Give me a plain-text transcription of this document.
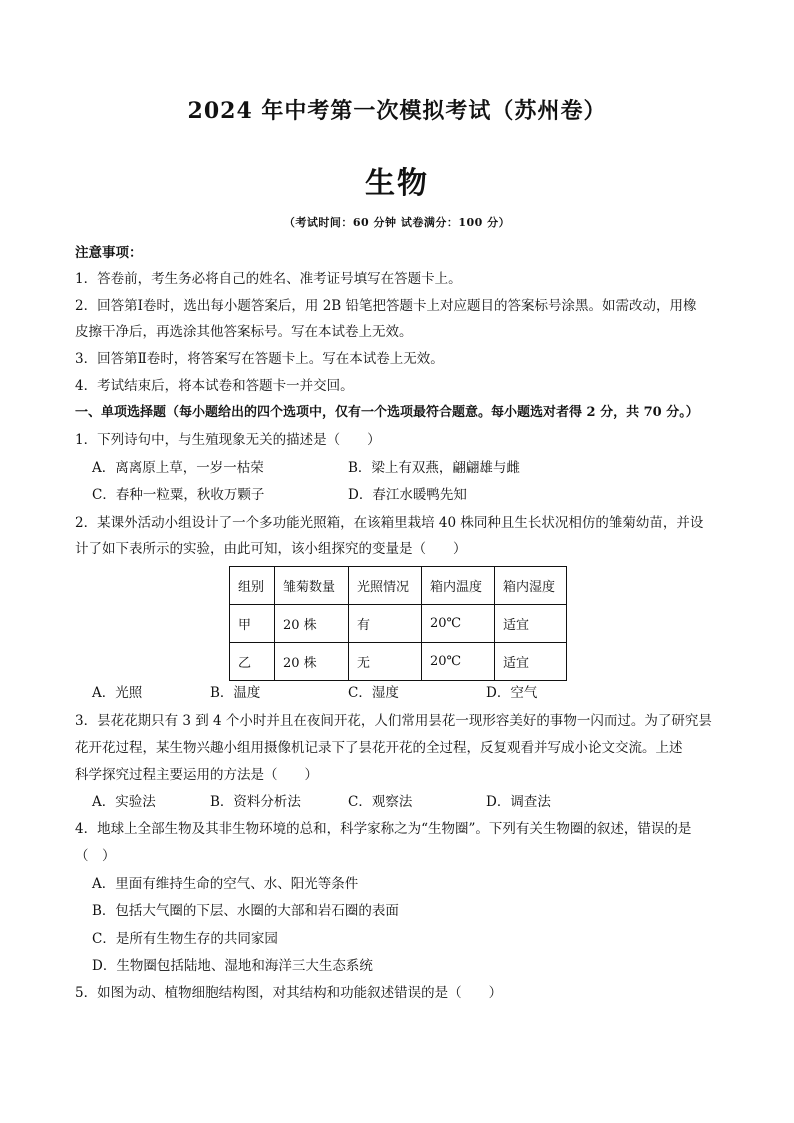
2024 年中考第一次模拟考试（苏州卷）
生物
（考试时间：60 分钟 试卷满分：100 分）
注意事项：
1．答卷前，考生务必将自己的姓名、准考证号填写在答题卡上。
2．回答第Ⅰ卷时，选出每小题答案后，用 2B 铅笔把答题卡上对应题目的答案标号涂黑。如需改动，用橡
皮擦干净后，再选涂其他答案标号。写在本试卷上无效。
3．回答第Ⅱ卷时，将答案写在答题卡上。写在本试卷上无效。
4．考试结束后，将本试卷和答题卡一并交回。
一、单项选择题（每小题给出的四个选项中，仅有一个选项最符合题意。每小题选对者得 2 分，共 70 分。）
1．下列诗句中，与生殖现象无关的描述是（　　）
A．离离原上草，一岁一枯荣	B．梁上有双燕，翩翩雄与雌
C．春种一粒粟，秋收万颗子	D．春江水暖鸭先知
2．某课外活动小组设计了一个多功能光照箱，在该箱里栽培 40 株同种且生长状况相仿的雏菊幼苗，并设
计了如下表所示的实验，由此可知，该小组探究的变量是（　　）
组别	雏菊数量	光照情况	箱内温度	箱内湿度
甲	20 株	有	20℃	适宜
乙	20 株	无	20℃	适宜
A．光照	B．温度	C．湿度	D．空气
3．昙花花期只有 3 到 4 个小时并且在夜间开花，人们常用昙花一现形容美好的事物一闪而过。为了研究昙
花开花过程，某生物兴趣小组用摄像机记录下了昙花开花的全过程，反复观看并写成小论文交流。上述
科学探究过程主要运用的方法是（　　）
A．实验法	B．资料分析法	C．观察法	D．调查法
4．地球上全部生物及其非生物环境的总和，科学家称之为“生物圈”。下列有关生物圈的叙述，错误的是
（　）
A．里面有维持生命的空气、水、阳光等条件
B．包括大气圈的下层、水圈的大部和岩石圈的表面
C．是所有生物生存的共同家园
D．生物圈包括陆地、湿地和海洋三大生态系统
5．如图为动、植物细胞结构图，对其结构和功能叙述错误的是（　　）
